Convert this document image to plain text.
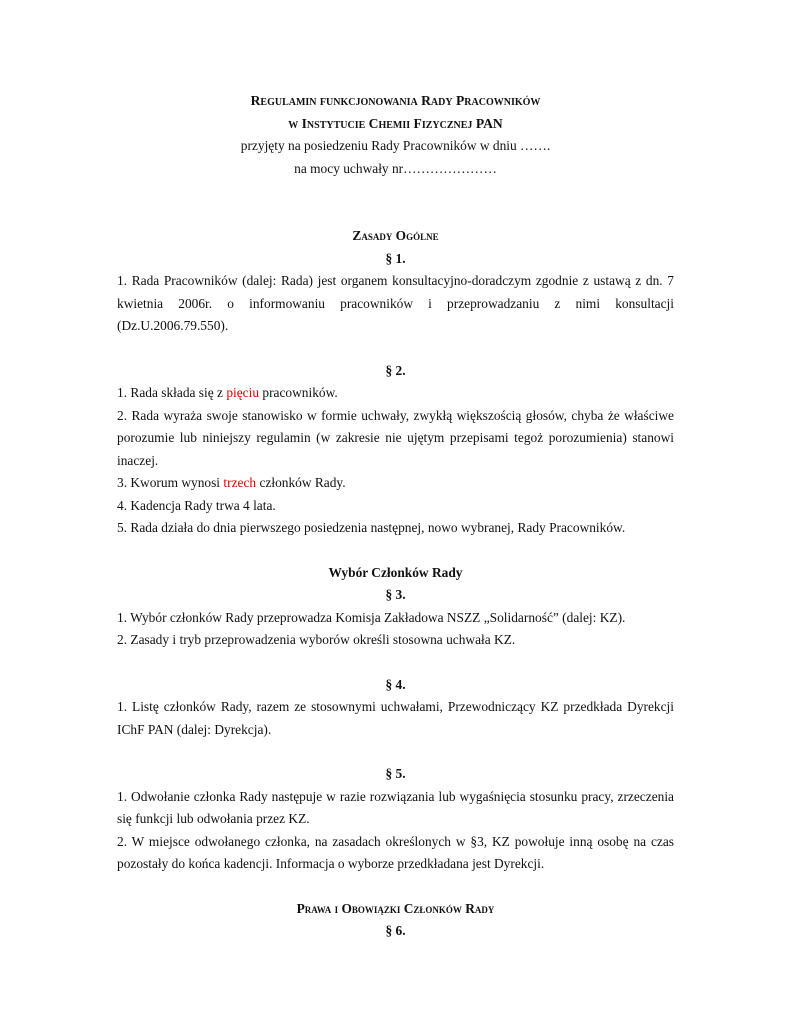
Regulamin funkcjonowania Rady Pracowników
w Instytucie Chemii Fizycznej PAN
przyjęty na posiedzeniu Rady Pracowników w dniu …….
na mocy uchwały nr…………………
Zasady Ogólne
§ 1.

1. Rada Pracowników (dalej: Rada) jest organem konsultacyjno-doradczym zgodnie z ustawą z dn. 7 kwietnia 2006r. o informowaniu pracowników i przeprowadzaniu z nimi konsultacji (Dz.U.2006.79.550).

§ 2.

1. Rada składa się z pięciu pracowników.

2. Rada wyraża swoje stanowisko w formie uchwały, zwykłą większością głosów, chyba że właściwe porozumie lub niniejszy regulamin (w zakresie nie ujętym przepisami tegoż porozumienia) stanowi inaczej.

3. Kworum wynosi trzech członków Rady.

4. Kadencja Rady trwa 4 lata.

5. Rada działa do dnia pierwszego posiedzenia następnej, nowo wybranej, Rady Pracowników.

Wybór Członków Rady
§ 3.

1. Wybór członków Rady przeprowadza Komisja Zakładowa NSZZ „Solidarność” (dalej: KZ).

2. Zasady i tryb przeprowadzenia wyborów określi stosowna uchwała KZ.

§ 4.

1. Listę członków Rady, razem ze stosownymi uchwałami, Przewodniczący KZ przedkłada Dyrekcji IChF PAN (dalej: Dyrekcja).

§ 5.

1. Odwołanie członka Rady następuje w razie rozwiązania lub wygaśnięcia stosunku pracy, zrzeczenia się funkcji lub odwołania przez KZ.

2. W miejsce odwołanego członka, na zasadach określonych w §3, KZ powołuje inną osobę na czas pozostały do końca kadencji. Informacja o wyborze przedkładana jest Dyrekcji.

Prawa i Obowiązki Członków Rady
§ 6.
